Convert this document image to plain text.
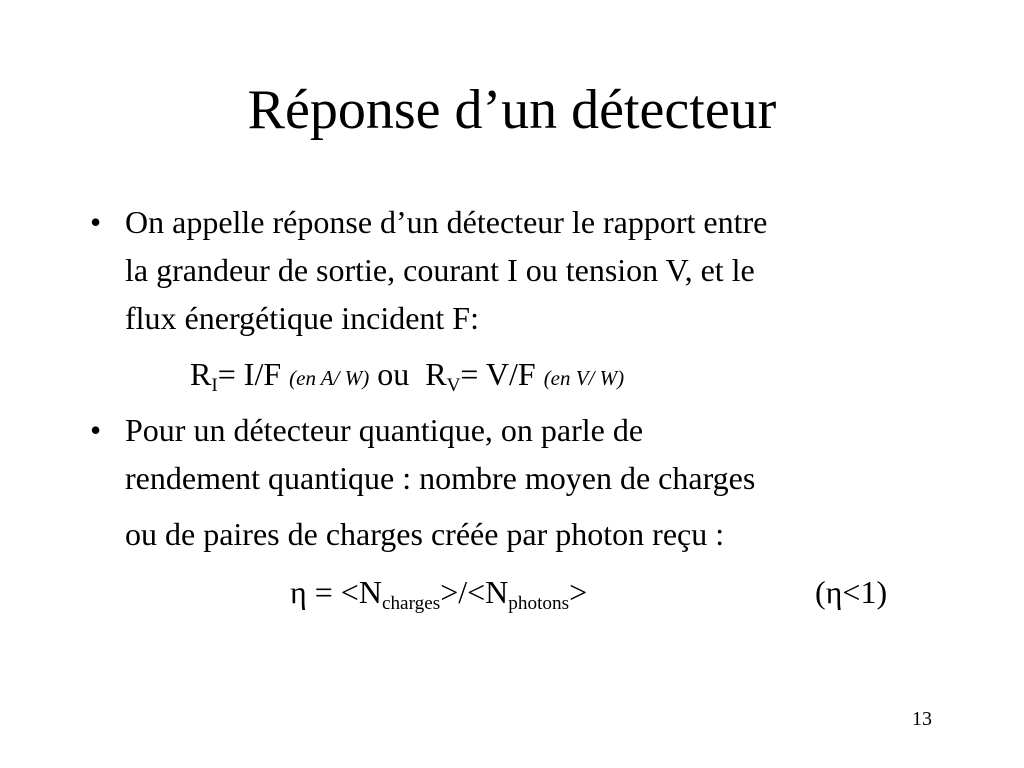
Réponse d’un détecteur
• On appelle réponse d’un détecteur le rapport entre
la grandeur de sortie, courant I ou tension V, et le
flux énergétique incident F:
$R_I= I/F$ (en A/ W) ou $R_V= V/F$ (en V/ W)
• Pour un détecteur quantique, on parle de
rendement quantique : nombre moyen de charges
ou de paires de charges créée par photon reçu :
$\eta = <N_{charges}>/<N_{photons}>$	(η<1)
13
